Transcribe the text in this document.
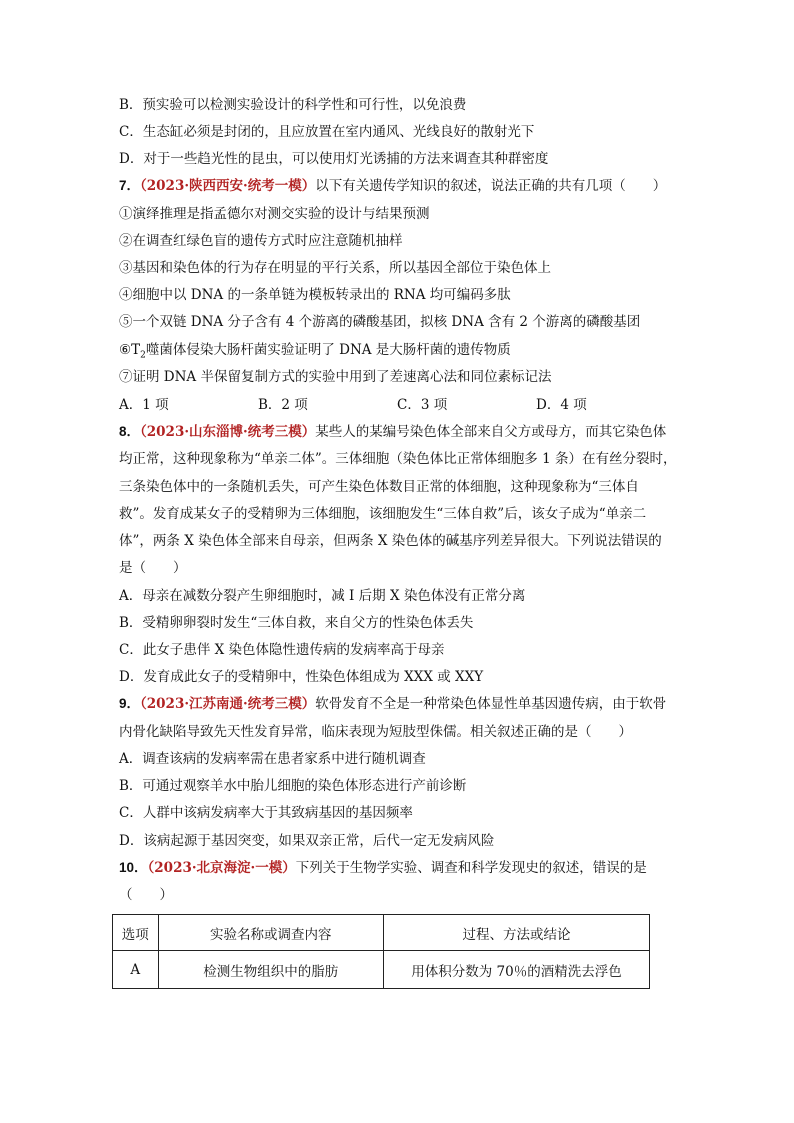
B．预实验可以检测实验设计的科学性和可行性，以免浪费
C．生态缸必须是封闭的，且应放置在室内通风、光线良好的散射光下
D．对于一些趋光性的昆虫，可以使用灯光诱捕的方法来调查其种群密度
7．（2023·陕西西安·统考一模）以下有关遗传学知识的叙述，说法正确的共有几项（　　）
①演绎推理是指孟德尔对测交实验的设计与结果预测
②在调查红绿色盲的遗传方式时应注意随机抽样
③基因和染色体的行为存在明显的平行关系，所以基因全部位于染色体上
④细胞中以 DNA 的一条单链为模板转录出的 RNA 均可编码多肽
⑤一个双链 DNA 分子含有 4 个游离的磷酸基团，拟核 DNA 含有 2 个游离的磷酸基团
$⑥T_2$噬菌体侵染大肠杆菌实验证明了 DNA 是大肠杆菌的遗传物质
⑦证明 DNA 半保留复制方式的实验中用到了差速离心法和同位素标记法
A．1 项	B．2 项	C．3 项	D．4 项
8．（2023·山东淄博·统考三模）某些人的某编号染色体全部来自父方或母方，而其它染色体
均正常，这种现象称为“单亲二体”。三体细胞（染色体比正常体细胞多 1 条）在有丝分裂时，
三条染色体中的一条随机丢失，可产生染色体数目正常的体细胞，这种现象称为“三体自
救”。发育成某女子的受精卵为三体细胞，该细胞发生“三体自救”后，该女子成为“单亲二
体”，两条 X 染色体全部来自母亲，但两条 X 染色体的碱基序列差异很大。下列说法错误的
是（　　）
A．母亲在减数分裂产生卵细胞时，减 I 后期 X 染色体没有正常分离
B．受精卵卵裂时发生“三体自救，来自父方的性染色体丢失
C．此女子患伴 X 染色体隐性遗传病的发病率高于母亲
D．发育成此女子的受精卵中，性染色体组成为 XXX 或 XXY
9．（2023·江苏南通·统考三模）软骨发育不全是一种常染色体显性单基因遗传病，由于软骨
内骨化缺陷导致先天性发育异常，临床表现为短肢型侏儒。相关叙述正确的是（　　）
A．调查该病的发病率需在患者家系中进行随机调查
B．可通过观察羊水中胎儿细胞的染色体形态进行产前诊断
C．人群中该病发病率大于其致病基因的基因频率
D．该病起源于基因突变，如果双亲正常，后代一定无发病风险
10．（2023·北京海淀·一模）下列关于生物学实验、调查和科学发现史的叙述，错误的是
（　　）
选项	实验名称或调查内容	过程、方法或结论
A	检测生物组织中的脂肪	用体积分数为 70％的酒精洗去浮色
